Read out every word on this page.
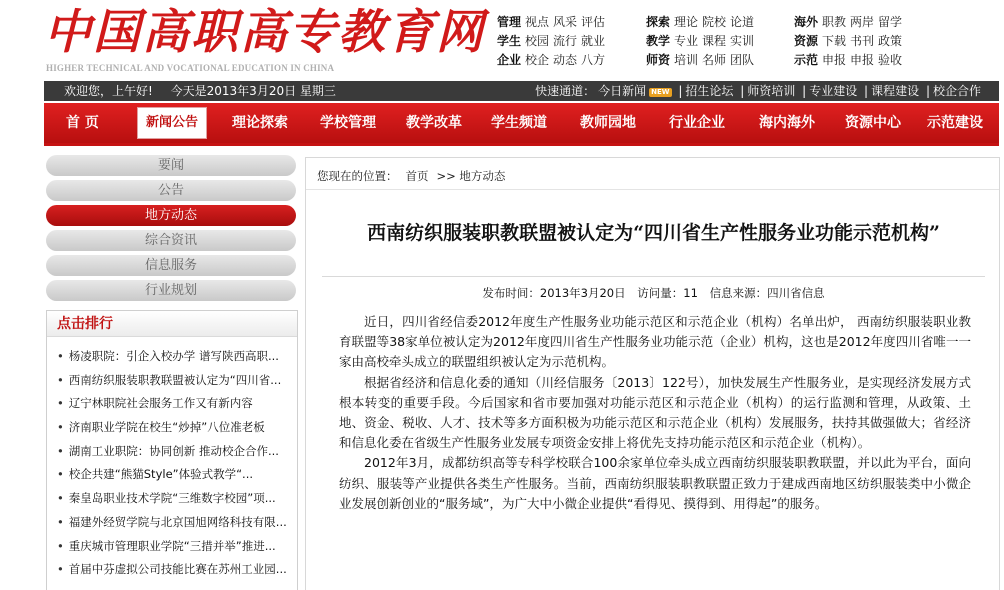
中国高职高专教育网
HIGHER TECHNICAL AND VOCATIONAL EDUCATION IN CHINA
管理 视点 风采 评估
学生 校园 流行 就业
企业 校企 动态 八方
探索 理论 院校 论道
教学 专业 课程 实训
师资 培训 名师 团队
海外 职教 两岸 留学
资源 下载 书刊 政策
示范 申报 申报 验收
欢迎您，上午好! 今天是2013年3月20日 星期三	快速通道： 今日新闻 NEW | 招生论坛 | 师资培训 | 专业建设 | 课程建设 | 校企合作
首 页	新闻公告	理论探索 学校管理 教学改革 学生频道 教师园地 行业企业 海内海外 资源中心 示范建设
要闻
公告
地方动态
综合资讯
信息服务
行业规划
点击排行
• 杨凌职院：引企入校办学 谱写陕西高职...
• 西南纺织服装职教联盟被认定为“四川省...
• 辽宁林职院社会服务工作又有新内容
• 济南职业学院在校生“炒掉”八位准老板
• 湖南工业职院：协同创新 推动校企合作...
• 校企共建“熊猫Style”体验式教学“...
• 秦皇岛职业技术学院“三维数字校园”项...
• 福建外经贸学院与北京国旭网络科技有限...
• 重庆城市管理职业学院“三措并举”推进...
• 首届中芬虚拟公司技能比赛在苏州工业园...
您现在的位置： 首页 >> 地方动态
西南纺织服装职教联盟被认定为“四川省生产性服务业功能示范机构”
发布时间：2013年3月20日 访问量：11 信息来源：四川省信息

近日，四川省经信委2012年度生产性服务业功能示范区和示范企业（机构）名单出炉， 西南纺织服装职业教育联盟等38家单位被认定为2012年度四川省生产性服务业功能示范（企业）机构，这也是2012年度四川省唯一一家由高校牵头成立的联盟组织被认定为示范机构。

根据省经济和信息化委的通知（川经信服务〔2013〕122号），加快发展生产性服务业，是实现经济发展方式根本转变的重要手段。今后国家和省市要加强对功能示范区和示范企业（机构）的运行监测和管理，从政策、土地、资金、税收、人才、技术等多方面积极为功能示范区和示范企业（机构）发展服务，扶持其做强做大；省经济和信息化委在省级生产性服务业发展专项资金安排上将优先支持功能示范区和示范企业（机构）。

2012年3月，成都纺织高等专科学校联合100余家单位牵头成立西南纺织服装职教联盟，并以此为平台，面向纺织、服装等产业提供各类生产性服务。当前，西南纺织服装职教联盟正致力于建成西南地区纺织服装类中小微企业发展创新创业的“服务域”，为广大中小微企业提供“看得见、摸得到、用得起”的服务。
